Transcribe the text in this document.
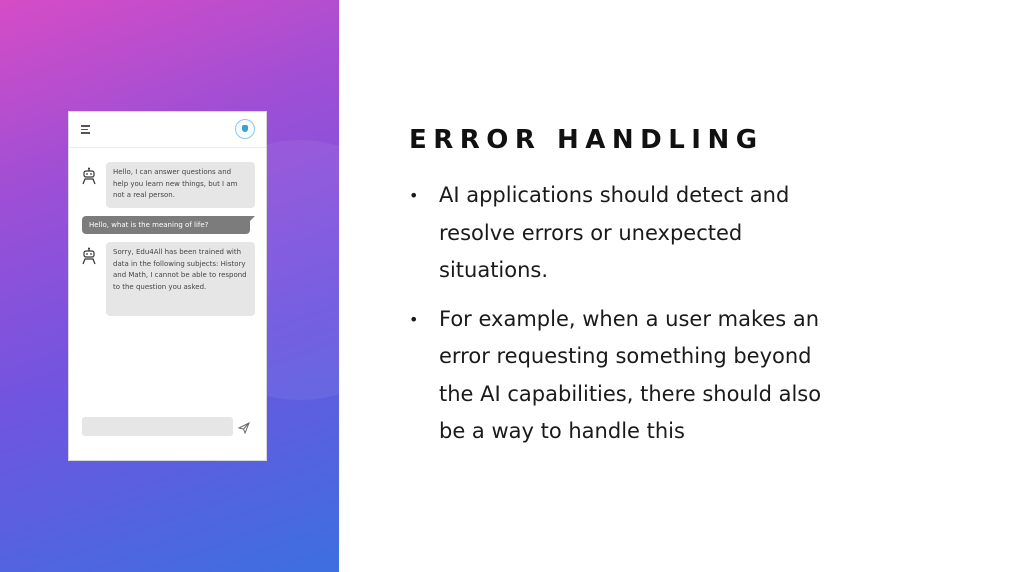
Hello, I can answer questions and help you learn new things, but I am not a real person.
Hello, what is the meaning of life?
Sorry, Edu4All has been trained with data in the following subjects: History and Math, I cannot be able to respond to the question you asked.
ERROR HANDLING
• AI applications should detect and resolve errors or unexpected situations.
• For example, when a user makes an error requesting something beyond the AI capabilities, there should also be a way to handle this
